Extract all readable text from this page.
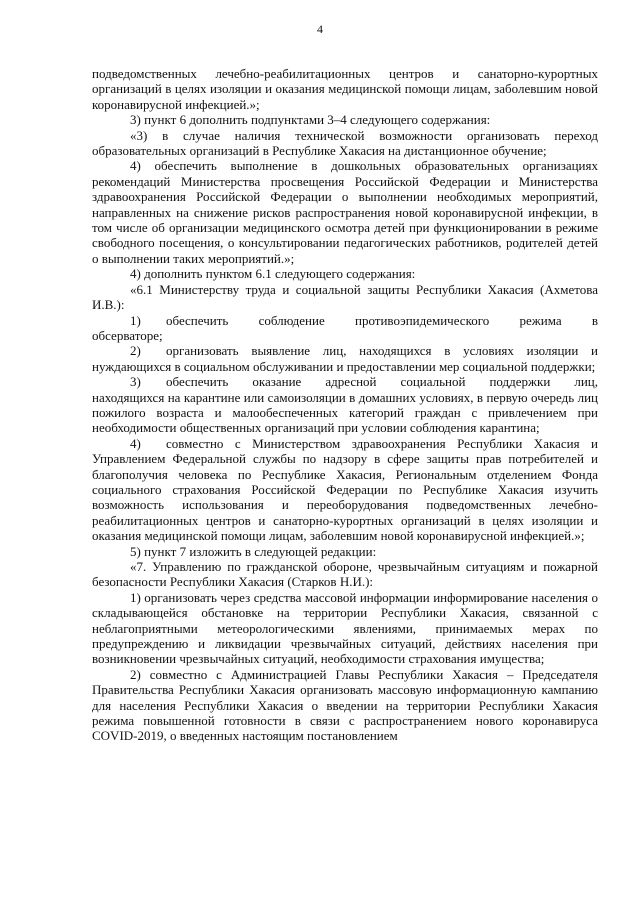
4

подведомственных лечебно-реабилитационных центров и санаторно-курортных организаций в целях изоляции и оказания медицинской помощи лицам, заболевшим новой коронавирусной инфекцией.»;

3) пункт 6 дополнить подпунктами 3–4 следующего содержания:

«3) в случае наличия технической возможности организовать переход образовательных организаций в Республике Хакасия на дистанционное обучение;

4) обеспечить выполнение в дошкольных образовательных организациях рекомендаций Министерства просвещения Российской Федерации и Министерства здравоохранения Российской Федерации о выполнении необходимых мероприятий, направленных на снижение рисков распространения новой коронавирусной инфекции, в том числе об организации медицинского осмотра детей при функционировании в режиме свободного посещения, о консультировании педагогических работников, родителей детей о выполнении таких мероприятий.»;

4) дополнить пунктом 6.1 следующего содержания:

«6.1 Министерству труда и социальной защиты Республики Хакасия (Ахметова И.В.):

1)	обеспечить соблюдение противоэпидемического режима в

обсерваторе;

2)	организовать выявление лиц, находящихся в условиях изоляции и

нуждающихся в социальном обслуживании и предоставлении мер социальной поддержки;

3)	обеспечить оказание адресной социальной поддержки лиц,

находящихся на карантине или самоизоляции в домашних условиях, в первую очередь лиц пожилого возраста и малообеспеченных категорий граждан с привлечением при необходимости общественных организаций при условии соблюдения карантина;

4)	совместно с Министерством здравоохранения Республики Хакасия и

Управлением Федеральной службы по надзору в сфере защиты прав потребителей и благополучия человека по Республике Хакасия, Региональным отделением Фонда социального страхования Российской Федерации по Республике Хакасия изучить возможность использования и переоборудования подведомственных лечебно-реабилитационных центров и санаторно-курортных организаций в целях изоляции и оказания медицинской помощи лицам, заболевшим новой коронавирусной инфекцией.»;

5) пункт 7 изложить в следующей редакции:

«7. Управлению по гражданской обороне, чрезвычайным ситуациям и пожарной безопасности Республики Хакасия (Старков Н.И.):

1) организовать через средства массовой информации информирование населения о складывающейся обстановке на территории Республики Хакасия, связанной с неблагоприятными метеорологическими явлениями, принимаемых мерах по предупреждению и ликвидации чрезвычайных ситуаций, действиях населения при возникновении чрезвычайных ситуаций, необходимости страхования имущества;

2) совместно с Администрацией Главы Республики Хакасия – Председателя Правительства Республики Хакасия организовать массовую информационную кампанию для населения Республики Хакасия о введении на территории Республики Хакасия режима повышенной готовности в связи с распространением нового коронавируса COVID-2019, о введенных настоящим постановлением
